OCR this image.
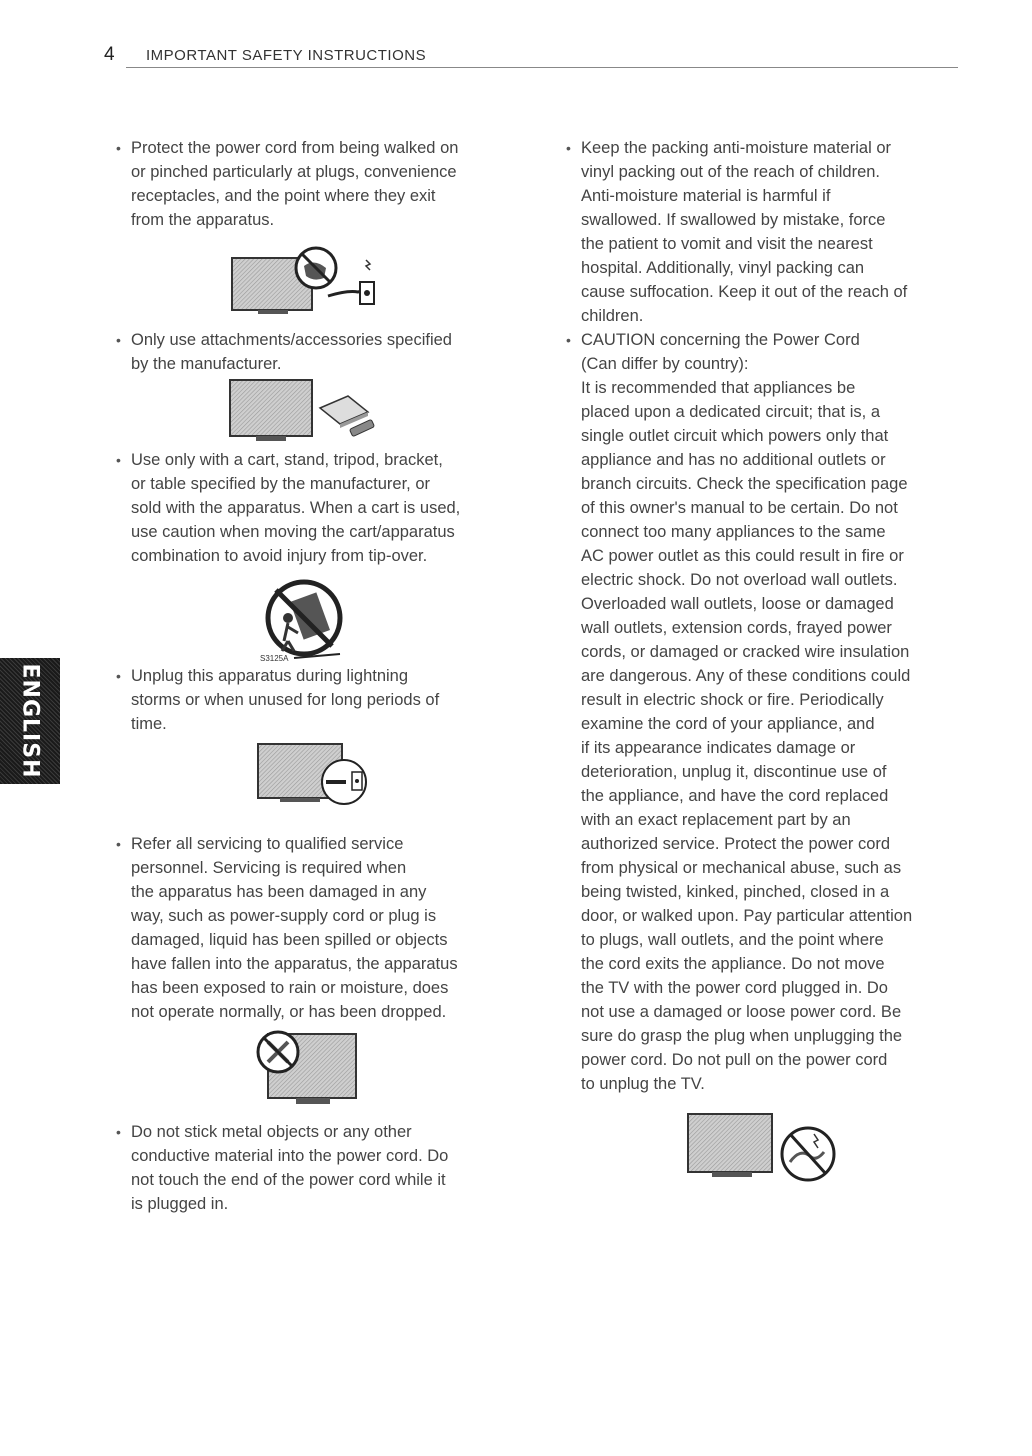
4 IMPORTANT SAFETY INSTRUCTIONS
ENGLISH
• Protect the power cord from being walked on
or pinched particularly at plugs, convenience
receptacles, and the point where they exit
from the apparatus.
• Only use attachments/accessories specified
by the manufacturer.
• Use only with a cart, stand, tripod, bracket,
or table specified by the manufacturer, or
sold with the apparatus. When a cart is used,
use caution when moving the cart/apparatus
combination to avoid injury from tip-over.
• Unplug this apparatus during lightning
storms or when unused for long periods of
time.
• Refer all servicing to qualified service
personnel. Servicing is required when
the apparatus has been damaged in any
way, such as power-supply cord or plug is
damaged, liquid has been spilled or objects
have fallen into the apparatus, the apparatus
has been exposed to rain or moisture, does
not operate normally, or has been dropped.
• Do not stick metal objects or any other
conductive material into the power cord. Do
not touch the end of the power cord while it
is plugged in.
• Keep the packing anti-moisture material or
vinyl packing out of the reach of children.
Anti-moisture material is harmful if
swallowed. If swallowed by mistake, force
the patient to vomit and visit the nearest
hospital. Additionally, vinyl packing can
cause suffocation. Keep it out of the reach of
children.
• CAUTION concerning the Power Cord
(Can differ by country):
It is recommended that appliances be
placed upon a dedicated circuit; that is, a
single outlet circuit which powers only that
appliance and has no additional outlets or
branch circuits. Check the specification page
of this owner's manual to be certain. Do not
connect too many appliances to the same
AC power outlet as this could result in fire or
electric shock. Do not overload wall outlets.
Overloaded wall outlets, loose or damaged
wall outlets, extension cords, frayed power
cords, or damaged or cracked wire insulation
are dangerous. Any of these conditions could
result in electric shock or fire. Periodically
examine the cord of your appliance, and
if its appearance indicates damage or
deterioration, unplug it, discontinue use of
the appliance, and have the cord replaced
with an exact replacement part by an
authorized service. Protect the power cord
from physical or mechanical abuse, such as
being twisted, kinked, pinched, closed in a
door, or walked upon. Pay particular attention
to plugs, wall outlets, and the point where
the cord exits the appliance. Do not move
the TV with the power cord plugged in. Do
not use a damaged or loose power cord. Be
sure do grasp the plug when unplugging the
power cord. Do not pull on the power cord
to unplug the TV.
S3125A
